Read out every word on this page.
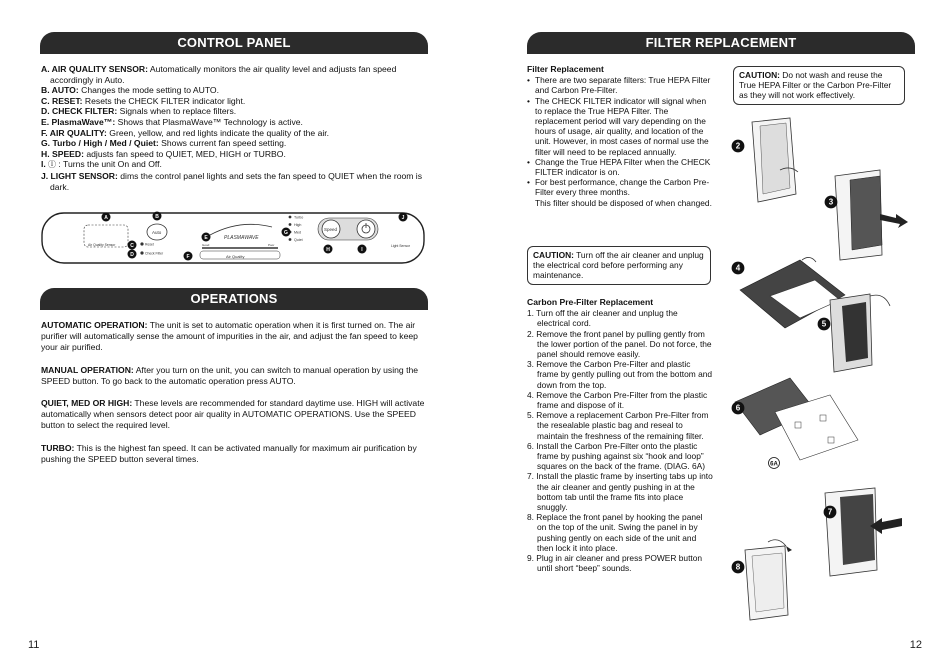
CONTROL PANEL
A. AIR QUALITY SENSOR: Automatically monitors the air quality level and adjusts fan speed accordingly in Auto.
B. AUTO: Changes the mode setting to AUTO.
C. RESET: Resets the CHECK FILTER indicator light.
D. CHECK FILTER: Signals when to replace filters.
E. PlasmaWave™: Shows that PlasmaWave™ Technology is active.
F. AIR QUALITY: Green, yellow, and red lights indicate the quality of the air.
G. Turbo / High / Med / Quiet: Shows current fan speed setting.
H. SPEED: adjusts fan speed to QUIET, MED, HIGH or TURBO.
I. Ⓘ : Turns the unit On and Off.
J. LIGHT SENSOR: dims the control panel lights and sets the fan speed to QUIET when the room is dark.
Air Quality Sensor
Auto
Reset
Check Filter
PLASMAWAVE
Good	Poor
Air Quality
Turbo
High
Med
Quiet
Speed
Light Sensor
A	B
C
D
E
F
G
H	I
J
OPERATIONS

AUTOMATIC OPERATION: The unit is set to automatic operation when it is first turned on. The air purifier will automatically sense the amount of impurities in the air, and adjust the fan speed to keep your air purified.

MANUAL OPERATION: After you turn on the unit, you can switch to manual operation by using the SPEED button. To go back to the automatic operation press AUTO.

QUIET, MED OR HIGH: These levels are recommended for standard daytime use. HIGH will activate automatically when sensors detect poor air quality in AUTOMATIC OPERATIONS. Use the SPEED button to select the required level.

TURBO: This is the highest fan speed. It can be activated manually for maximum air purification by pushing the SPEED button several times.

11
FILTER REPLACEMENT
Filter Replacement
• There are two separate filters: True HEPA Filter and Carbon Pre-Filter.
• The CHECK FILTER indicator will signal when to replace the True HEPA Filter. The replacement period will vary depending on the hours of usage, air quality, and location of the unit. However, in most cases of normal use the filter will need to be replaced annually.
• Change the True HEPA Filter when the CHECK FILTER indicator is on.
• For best performance, change the Carbon Pre-Filter every three months.
This filter should be disposed of when changed.
CAUTION: Turn off the air cleaner and unplug the electrical cord before performing any maintenance.
CAUTION: Do not wash and reuse the True HEPA Filter or the Carbon Pre-Filter as they will not work effectively.
Carbon Pre-Filter Replacement
1. Turn off the air cleaner and unplug the electrical cord.
2. Remove the front panel by pulling gently from the lower portion of the panel. Do not force, the panel should remove easily.
3. Remove the Carbon Pre-Filter and plastic frame by gently pulling out from the bottom and down from the top.
4. Remove the Carbon Pre-Filter from the plastic frame and dispose of it.
5. Remove a replacement Carbon Pre-Filter from the resealable plastic bag and reseal to maintain the freshness of the remaining filter.
6. Install the Carbon Pre-Filter onto the plastic frame by pushing against six “hook and loop” squares on the back of the frame. (DIAG. 6A)
7. Install the plastic frame by inserting tabs up into the air cleaner and gently pushing in at the bottom tab until the frame fits into place snuggly.
8. Replace the front panel by hooking the panel on the top of the unit. Swing the panel in by pushing gently on each side of the unit and then lock it into place.
9. Plug in air cleaner and press POWER button until short “beep” sounds.
2
3
4
5
6
6A
7
8
12
